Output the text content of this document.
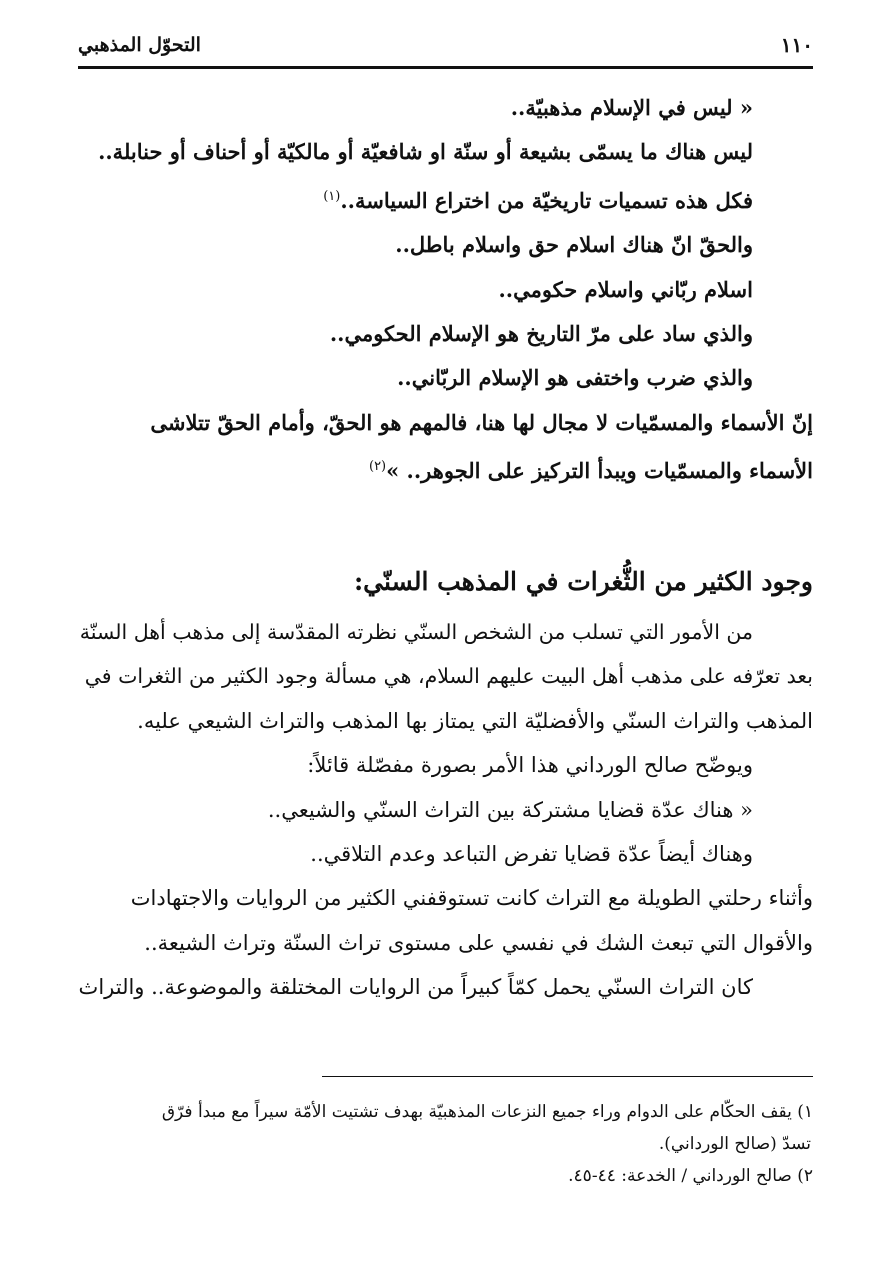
١١٠
التحوّل المذهبي
« ليس في الإسلام مذهبيّة..
ليس هناك ما يسمّى بشيعة أو سنّة او شافعيّة أو مالكيّة أو أحناف أو حنابلة..
فكل هذه تسميات تاريخيّة من اختراع السياسة..$^{(١)}$
والحقّ انّ هناك اسلام حق واسلام باطل..
اسلام ربّاني واسلام حكومي..
والذي ساد على مرّ التاريخ هو الإسلام الحكومي..
والذي ضرب واختفى هو الإسلام الربّاني..
إنّ الأسماء والمسمّيات لا مجال لها هنا، فالمهم هو الحقّ، وأمام الحقّ تتلاشى
الأسماء والمسمّيات ويبدأ التركيز على الجوهر.. »$^{(٢)}$
وجود الكثير من الثُّغرات في المذهب السنّي:
من الأمور التي تسلب من الشخص السنّي نظرته المقدّسة إلى مذهب أهل السنّة
بعد تعرّفه على مذهب أهل البيت عليهم السلام، هي مسألة وجود الكثير من الثغرات في
المذهب والتراث السنّي والأفضليّة التي يمتاز بها المذهب والتراث الشيعي عليه.
ويوضّح صالح الورداني هذا الأمر بصورة مفصّلة قائلاً:
« هناك عدّة قضايا مشتركة بين التراث السنّي والشيعي..
وهناك أيضاً عدّة قضايا تفرض التباعد وعدم التلاقي..
وأثناء رحلتي الطويلة مع التراث كانت تستوقفني الكثير من الروايات والاجتهادات
والأقوال التي تبعث الشك في نفسي على مستوى تراث السنّة وتراث الشيعة..
كان التراث السنّي يحمل كمّاً كبيراً من الروايات المختلقة والموضوعة.. والتراث
١) يقف الحكّام على الدوام وراء جميع النزعات المذهبيّة بهدف تشتيت الأمّة سيراً مع مبدأ فرّق
تسدّ (صالح الورداني).
٢) صالح الورداني / الخدعة: ٤٤-٤٥.
